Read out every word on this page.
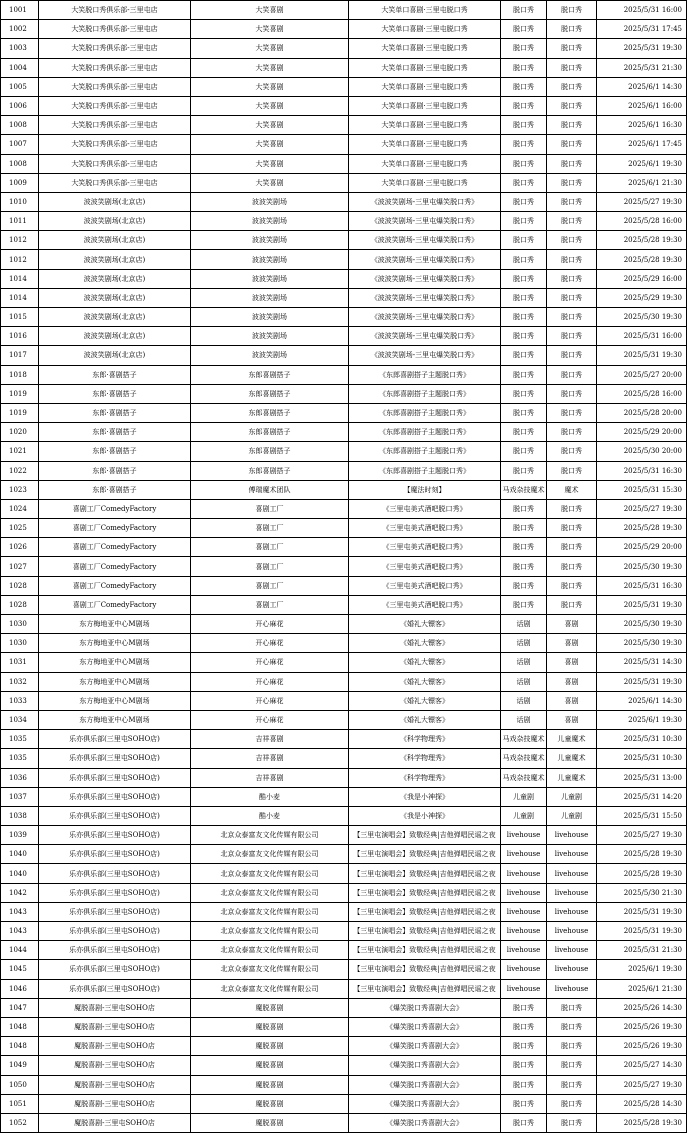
1001	大笑脱口秀俱乐部-三里屯店	大笑喜剧	大笑单口喜剧·三里屯脱口秀	脱口秀	脱口秀	2025/5/31 16:00
1002	大笑脱口秀俱乐部-三里屯店	大笑喜剧	大笑单口喜剧·三里屯脱口秀	脱口秀	脱口秀	2025/5/31 17:45
1003	大笑脱口秀俱乐部-三里屯店	大笑喜剧	大笑单口喜剧·三里屯脱口秀	脱口秀	脱口秀	2025/5/31 19:30
1004	大笑脱口秀俱乐部-三里屯店	大笑喜剧	大笑单口喜剧·三里屯脱口秀	脱口秀	脱口秀	2025/5/31 21:30
1005	大笑脱口秀俱乐部-三里屯店	大笑喜剧	大笑单口喜剧·三里屯脱口秀	脱口秀	脱口秀	2025/6/1 14:30
1006	大笑脱口秀俱乐部-三里屯店	大笑喜剧	大笑单口喜剧·三里屯脱口秀	脱口秀	脱口秀	2025/6/1 16:00
1008	大笑脱口秀俱乐部-三里屯店	大笑喜剧	大笑单口喜剧·三里屯脱口秀	脱口秀	脱口秀	2025/6/1 16:30
1007	大笑脱口秀俱乐部-三里屯店	大笑喜剧	大笑单口喜剧·三里屯脱口秀	脱口秀	脱口秀	2025/6/1 17:45
1008	大笑脱口秀俱乐部-三里屯店	大笑喜剧	大笑单口喜剧·三里屯脱口秀	脱口秀	脱口秀	2025/6/1 19:30
1009	大笑脱口秀俱乐部-三里屯店	大笑喜剧	大笑单口喜剧·三里屯脱口秀	脱口秀	脱口秀	2025/6/1 21:30
1010	波波笑剧场(北京店)	波波笑剧场	《波波笑剧场-三里屯爆笑脱口秀》	脱口秀	脱口秀	2025/5/27 19:30
1011	波波笑剧场(北京店)	波波笑剧场	《波波笑剧场-三里屯爆笑脱口秀》	脱口秀	脱口秀	2025/5/28 16:00
1012	波波笑剧场(北京店)	波波笑剧场	《波波笑剧场-三里屯爆笑脱口秀》	脱口秀	脱口秀	2025/5/28 19:30
1012	波波笑剧场(北京店)	波波笑剧场	《波波笑剧场-三里屯爆笑脱口秀》	脱口秀	脱口秀	2025/5/28 19:30
1014	波波笑剧场(北京店)	波波笑剧场	《波波笑剧场-三里屯爆笑脱口秀》	脱口秀	脱口秀	2025/5/29 16:00
1014	波波笑剧场(北京店)	波波笑剧场	《波波笑剧场-三里屯爆笑脱口秀》	脱口秀	脱口秀	2025/5/29 19:30
1015	波波笑剧场(北京店)	波波笑剧场	《波波笑剧场-三里屯爆笑脱口秀》	脱口秀	脱口秀	2025/5/30 19:30
1016	波波笑剧场(北京店)	波波笑剧场	《波波笑剧场-三里屯爆笑脱口秀》	脱口秀	脱口秀	2025/5/31 16:00
1017	波波笑剧场(北京店)	波波笑剧场	《波波笑剧场-三里屯爆笑脱口秀》	脱口秀	脱口秀	2025/5/31 19:30
1018	东郎·喜剧搭子	东郎喜剧搭子	《东郎喜剧搭子主题脱口秀》	脱口秀	脱口秀	2025/5/27 20:00
1019	东郎·喜剧搭子	东郎喜剧搭子	《东郎喜剧搭子主题脱口秀》	脱口秀	脱口秀	2025/5/28 16:00
1019	东郎·喜剧搭子	东郎喜剧搭子	《东郎喜剧搭子主题脱口秀》	脱口秀	脱口秀	2025/5/28 20:00
1020	东郎·喜剧搭子	东郎喜剧搭子	《东郎喜剧搭子主题脱口秀》	脱口秀	脱口秀	2025/5/29 20:00
1021	东郎·喜剧搭子	东郎喜剧搭子	《东郎喜剧搭子主题脱口秀》	脱口秀	脱口秀	2025/5/30 20:00
1022	东郎·喜剧搭子	东郎喜剧搭子	《东郎喜剧搭子主题脱口秀》	脱口秀	脱口秀	2025/5/31 16:30
1023	东郎·喜剧搭子	傅瑞魔术团队	【魔法时刻】	马戏杂技魔术	魔术	2025/5/31 15:30
1024	喜剧工厂ComedyFactory	喜剧工厂	《三里屯美式酒吧脱口秀》	脱口秀	脱口秀	2025/5/27 19:30
1025	喜剧工厂ComedyFactory	喜剧工厂	《三里屯美式酒吧脱口秀》	脱口秀	脱口秀	2025/5/28 19:30
1026	喜剧工厂ComedyFactory	喜剧工厂	《三里屯美式酒吧脱口秀》	脱口秀	脱口秀	2025/5/29 20:00
1027	喜剧工厂ComedyFactory	喜剧工厂	《三里屯美式酒吧脱口秀》	脱口秀	脱口秀	2025/5/30 19:30
1028	喜剧工厂ComedyFactory	喜剧工厂	《三里屯美式酒吧脱口秀》	脱口秀	脱口秀	2025/5/31 16:30
1028	喜剧工厂ComedyFactory	喜剧工厂	《三里屯美式酒吧脱口秀》	脱口秀	脱口秀	2025/5/31 19:30
1030	东方梅地亚中心M剧场	开心麻花	《婚礼大镖客》	话剧	喜剧	2025/5/30 19:30
1030	东方梅地亚中心M剧场	开心麻花	《婚礼大镖客》	话剧	喜剧	2025/5/30 19:30
1031	东方梅地亚中心M剧场	开心麻花	《婚礼大镖客》	话剧	喜剧	2025/5/31 14:30
1032	东方梅地亚中心M剧场	开心麻花	《婚礼大镖客》	话剧	喜剧	2025/5/31 19:30
1033	东方梅地亚中心M剧场	开心麻花	《婚礼大镖客》	话剧	喜剧	2025/6/1 14:30
1034	东方梅地亚中心M剧场	开心麻花	《婚礼大镖客》	话剧	喜剧	2025/6/1 19:30
1035	乐亦俱乐部(三里屯SOHO店)	吉祥喜剧	《科学物理秀》	马戏杂技魔术	儿童魔术	2025/5/31 10:30
1035	乐亦俱乐部(三里屯SOHO店)	吉祥喜剧	《科学物理秀》	马戏杂技魔术	儿童魔术	2025/5/31 10:30
1036	乐亦俱乐部(三里屯SOHO店)	吉祥喜剧	《科学物理秀》	马戏杂技魔术	儿童魔术	2025/5/31 13:00
1037	乐亦俱乐部(三里屯SOHO店)	酷小麦	《我是小神探》	儿童剧	儿童剧	2025/5/31 14:20
1038	乐亦俱乐部(三里屯SOHO店)	酷小麦	《我是小神探》	儿童剧	儿童剧	2025/5/31 15:50
1039	乐亦俱乐部(三里屯SOHO店)	北京众泰富友文化传媒有限公司	【三里屯演唱会】致敬经典|吉他弹唱民谣之夜	livehouse	livehouse	2025/5/27 19:30
1040	乐亦俱乐部(三里屯SOHO店)	北京众泰富友文化传媒有限公司	【三里屯演唱会】致敬经典|吉他弹唱民谣之夜	livehouse	livehouse	2025/5/28 19:30
1040	乐亦俱乐部(三里屯SOHO店)	北京众泰富友文化传媒有限公司	【三里屯演唱会】致敬经典|吉他弹唱民谣之夜	livehouse	livehouse	2025/5/28 19:30
1042	乐亦俱乐部(三里屯SOHO店)	北京众泰富友文化传媒有限公司	【三里屯演唱会】致敬经典|吉他弹唱民谣之夜	livehouse	livehouse	2025/5/30 21:30
1043	乐亦俱乐部(三里屯SOHO店)	北京众泰富友文化传媒有限公司	【三里屯演唱会】致敬经典|吉他弹唱民谣之夜	livehouse	livehouse	2025/5/31 19:30
1043	乐亦俱乐部(三里屯SOHO店)	北京众泰富友文化传媒有限公司	【三里屯演唱会】致敬经典|吉他弹唱民谣之夜	livehouse	livehouse	2025/5/31 19:30
1044	乐亦俱乐部(三里屯SOHO店)	北京众泰富友文化传媒有限公司	【三里屯演唱会】致敬经典|吉他弹唱民谣之夜	livehouse	livehouse	2025/5/31 21:30
1045	乐亦俱乐部(三里屯SOHO店)	北京众泰富友文化传媒有限公司	【三里屯演唱会】致敬经典|吉他弹唱民谣之夜	livehouse	livehouse	2025/6/1 19:30
1046	乐亦俱乐部(三里屯SOHO店)	北京众泰富友文化传媒有限公司	【三里屯演唱会】致敬经典|吉他弹唱民谣之夜	livehouse	livehouse	2025/6/1 21:30
1047	魔脱喜剧-三里屯SOHO店	魔脱喜剧	《爆笑脱口秀喜剧大会》	脱口秀	脱口秀	2025/5/26 14:30
1048	魔脱喜剧-三里屯SOHO店	魔脱喜剧	《爆笑脱口秀喜剧大会》	脱口秀	脱口秀	2025/5/26 19:30
1048	魔脱喜剧-三里屯SOHO店	魔脱喜剧	《爆笑脱口秀喜剧大会》	脱口秀	脱口秀	2025/5/26 19:30
1049	魔脱喜剧-三里屯SOHO店	魔脱喜剧	《爆笑脱口秀喜剧大会》	脱口秀	脱口秀	2025/5/27 14:30
1050	魔脱喜剧-三里屯SOHO店	魔脱喜剧	《爆笑脱口秀喜剧大会》	脱口秀	脱口秀	2025/5/27 19:30
1051	魔脱喜剧-三里屯SOHO店	魔脱喜剧	《爆笑脱口秀喜剧大会》	脱口秀	脱口秀	2025/5/28 14:30
1052	魔脱喜剧-三里屯SOHO店	魔脱喜剧	《爆笑脱口秀喜剧大会》	脱口秀	脱口秀	2025/5/28 19:30
